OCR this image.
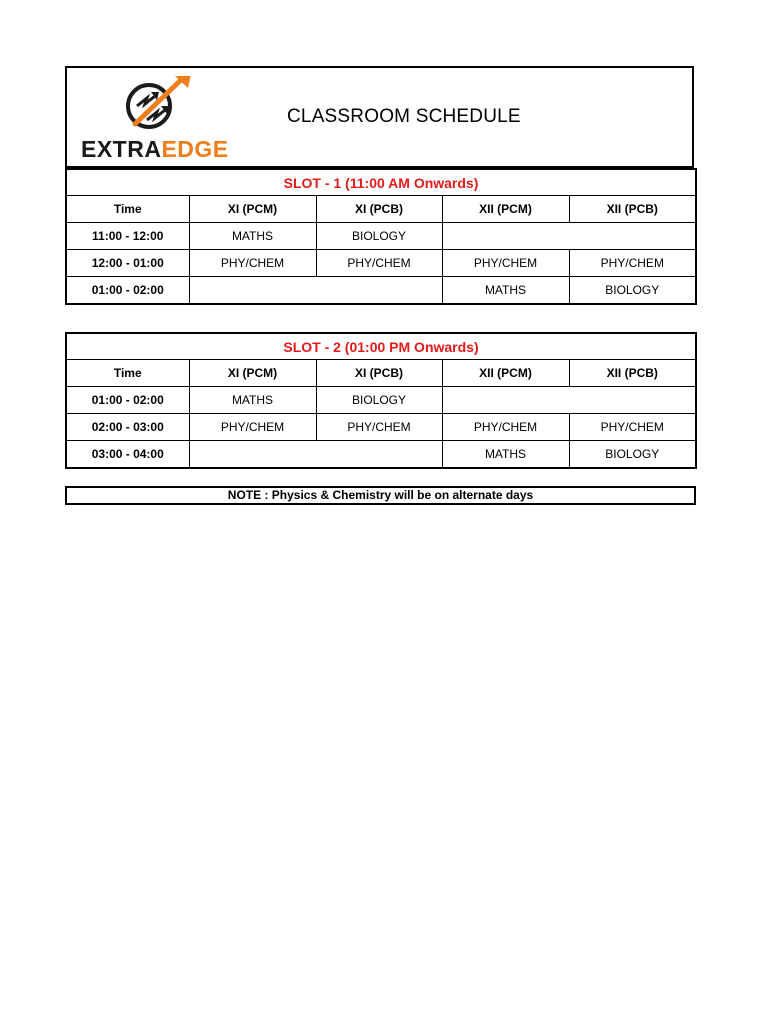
EXTRAEDGE
CLASSROOM SCHEDULE
SLOT - 1 (11:00 AM Onwards)				
Time	XI (PCM)	XI (PCB)	XII (PCM)	XII (PCB)
11:00 - 12:00	MATHS	BIOLOGY		
12:00 - 01:00	PHY/CHEM	PHY/CHEM	PHY/CHEM	PHY/CHEM
01:00 - 02:00			MATHS	BIOLOGY
SLOT - 2 (01:00 PM Onwards)				
Time	XI (PCM)	XI (PCB)	XII (PCM)	XII (PCB)
01:00 - 02:00	MATHS	BIOLOGY		
02:00 - 03:00	PHY/CHEM	PHY/CHEM	PHY/CHEM	PHY/CHEM
03:00 - 04:00			MATHS	BIOLOGY
NOTE : Physics & Chemistry will be on alternate days
